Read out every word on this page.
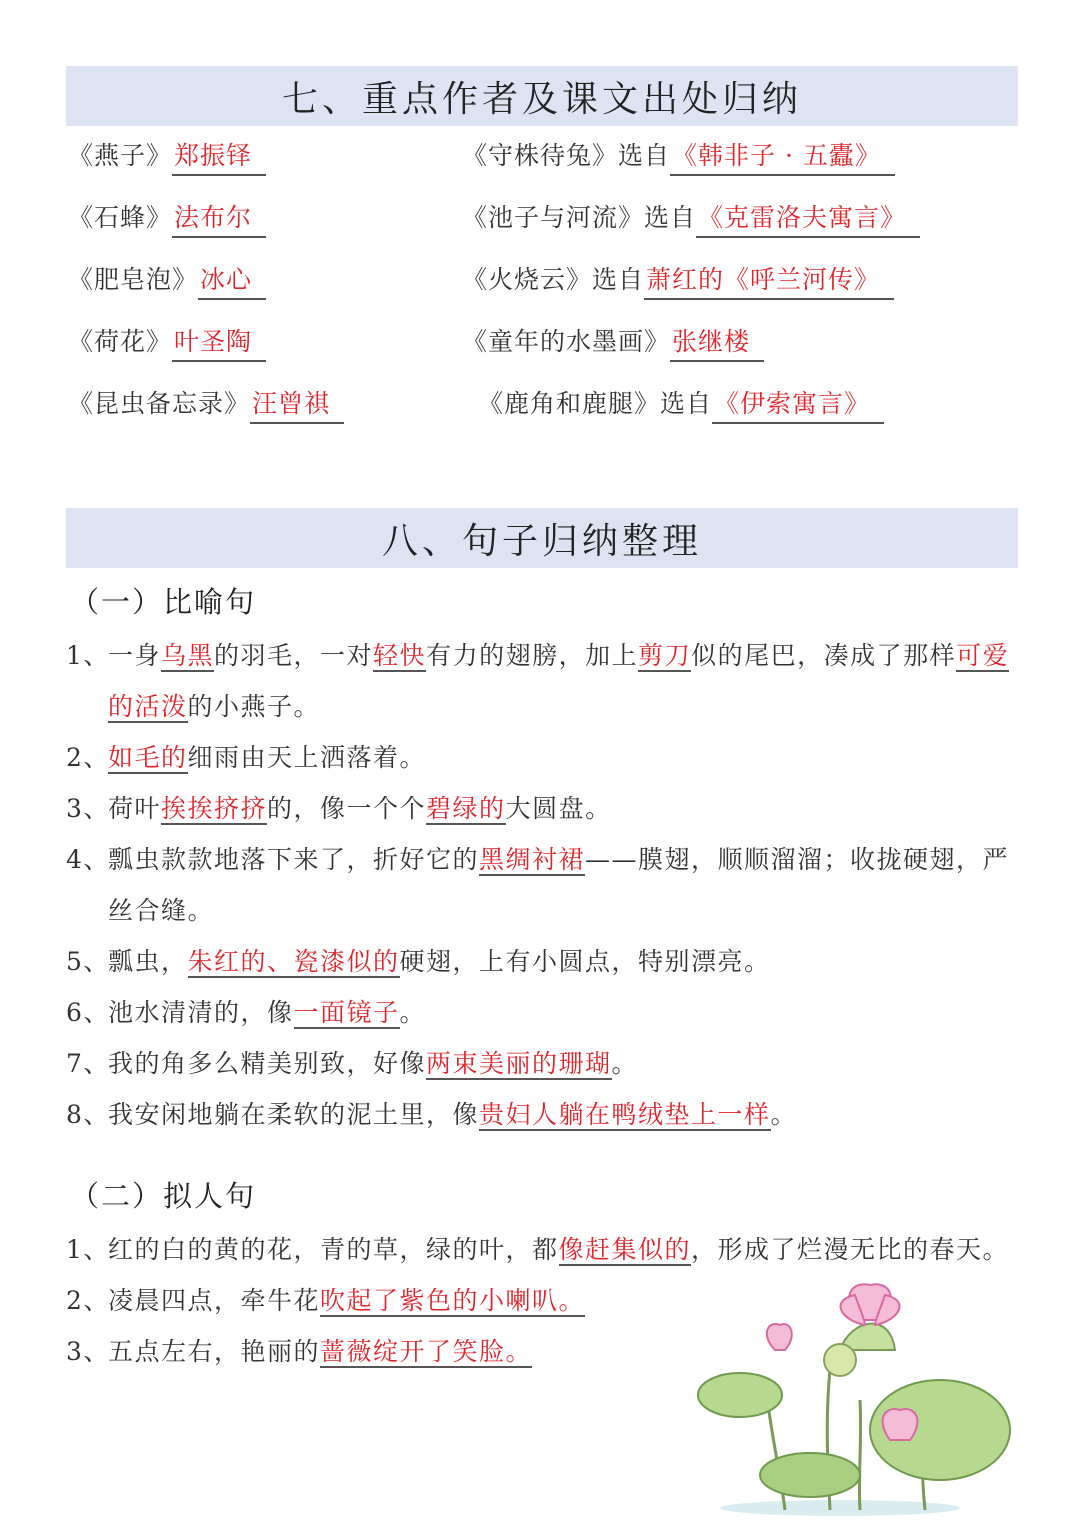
七、重点作者及课文出处归纳
《燕子》郑振铎	《守株待兔》选自《韩非子 · 五蠹》
《石蜂》法布尔	《池子与河流》选自《克雷洛夫寓言》
《肥皂泡》冰心	《火烧云》选自萧红的《呼兰河传》
《荷花》叶圣陶	《童年的水墨画》张继楼
《昆虫备忘录》汪曾祺	《鹿角和鹿腿》选自《伊索寓言》
八、句子归纳整理
（一）比喻句
1、
一身乌黑的羽毛，一对轻快有力的翅膀，加上剪刀似的尾巴，凑成了那样可爱的活泼的小燕子。
2、
如毛的细雨由天上洒落着。
3、
荷叶挨挨挤挤的，像一个个碧绿的大圆盘。
4、
瓢虫款款地落下来了，折好它的黑绸衬裙——膜翅，顺顺溜溜；收拢硬翅，严丝合缝。
5、
瓢虫，朱红的、瓷漆似的硬翅，上有小圆点，特别漂亮。
6、
池水清清的，像一面镜子。
7、
我的角多么精美别致，好像两束美丽的珊瑚。
8、
我安闲地躺在柔软的泥土里，像贵妇人躺在鸭绒垫上一样。
（二）拟人句
1、
红的白的黄的花，青的草，绿的叶，都像赶集似的，形成了烂漫无比的春天。
2、
凌晨四点，牵牛花吹起了紫色的小喇叭。
3、
五点左右，艳丽的蔷薇绽开了笑脸。
